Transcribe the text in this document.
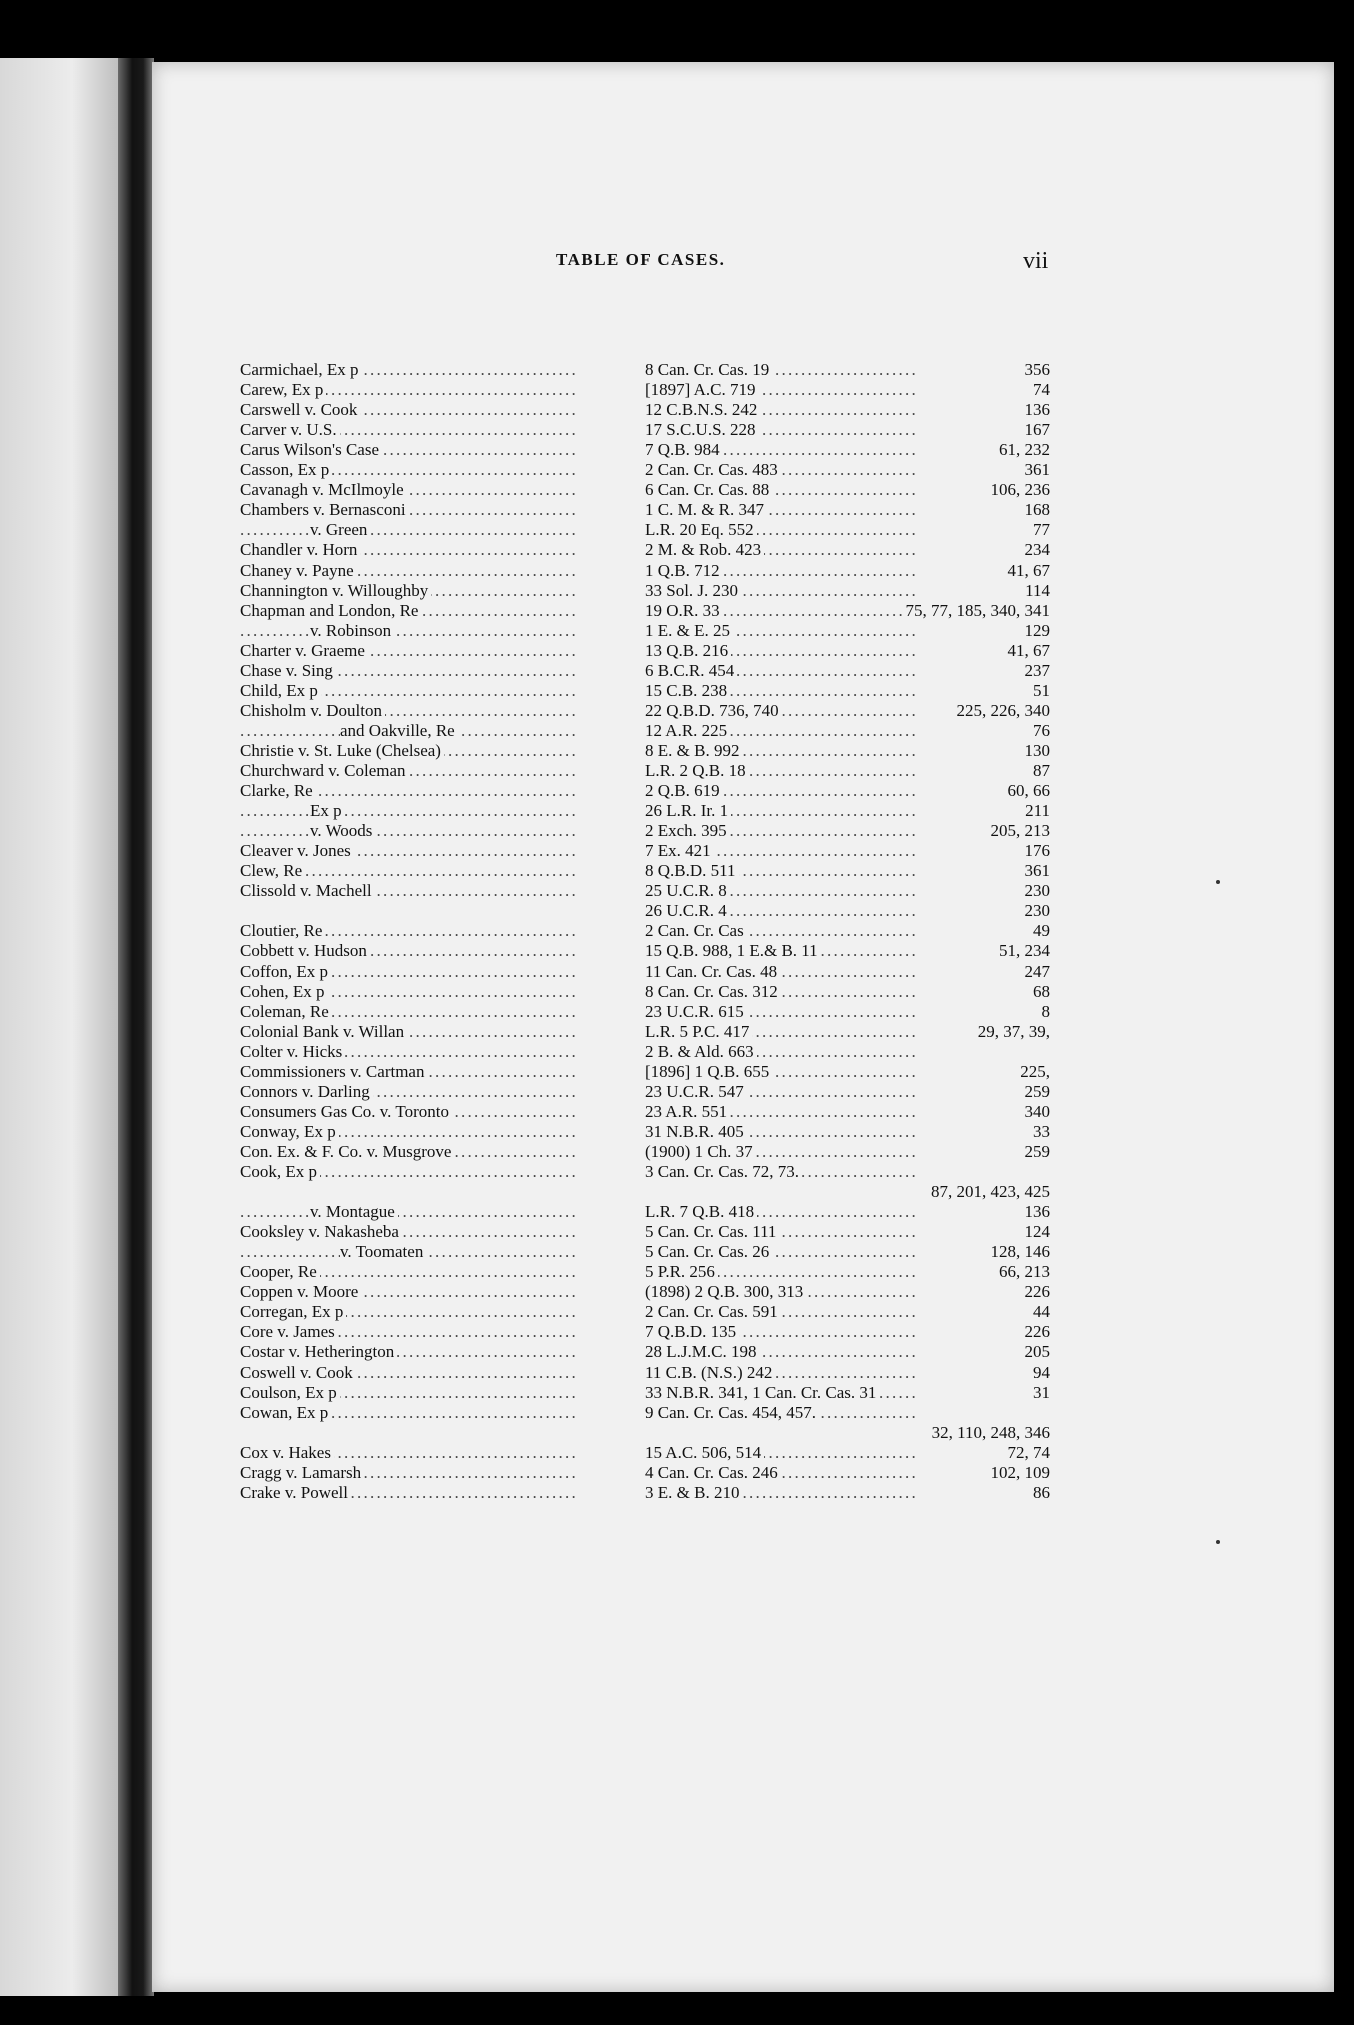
TABLE OF CASES.	vii
. . . Carmichael, Ex p	. . . 8 Can. Cr. Cas. 19	356
. . . Carew, Ex p	. . . [1897] A.C. 719	74
. . . Carswell v. Cook	. . . 12 C.B.N.S. 242	136
. . . Carver v. U.S.	. . . 17 S.C.U.S. 228	167
. . . Carus Wilson's Case	. . . 7 Q.B. 984	61, 232
. . . Casson, Ex p	. . . 2 Can. Cr. Cas. 483	361
. . . Cavanagh v. McIlmoyle	. . . 6 Can. Cr. Cas. 88	106, 236
. . . Chambers v. Bernasconi	. . . 1 C. M. & R. 347	168
. . . v. Green	. . . L.R. 20 Eq. 552	77
. . . Chandler v. Horn	. . . 2 M. & Rob. 423	234
. . . Chaney v. Payne	. . . 1 Q.B. 712	41, 67
. . . Channington v. Willoughby	. . . 33 Sol. J. 230	114
. . . Chapman and London, Re	. . . 19 O.R. 33	75, 77, 185, 340, 341
. . . v. Robinson	. . . 1 E. & E. 25	129
. . . Charter v. Graeme	. . . 13 Q.B. 216	41, 67
. . . Chase v. Sing	. . . 6 B.C.R. 454	237
. . . Child, Ex p	. . . 15 C.B. 238	51
. . . Chisholm v. Doulton	. . . 22 Q.B.D. 736, 740	225, 226, 340
. . . and Oakville, Re	. . . 12 A.R. 225	76
. . . Christie v. St. Luke (Chelsea)	. . . 8 E. & B. 992	130
. . . Churchward v. Coleman	. . . L.R. 2 Q.B. 18	87
. . . Clarke, Re	. . . 2 Q.B. 619	60, 66
. . . Ex p	. . . 26 L.R. Ir. 1	211
. . . v. Woods	. . . 2 Exch. 395	205, 213
. . . Cleaver v. Jones	. . . 7 Ex. 421	176
. . . Clew, Re	. . . 8 Q.B.D. 511	361
. . . Clissold v. Machell	. . . 25 U.C.R. 8	230
. . . 26 U.C.R. 4	230
. . . Cloutier, Re	. . . 2 Can. Cr. Cas	49
. . . Cobbett v. Hudson	. . . 15 Q.B. 988, 1 E.& B. 11	51, 234
. . . Coffon, Ex p	. . . 11 Can. Cr. Cas. 48	247
. . . Cohen, Ex p	. . . 8 Can. Cr. Cas. 312	68
. . . Coleman, Re	. . . 23 U.C.R. 615	8
. . . Colonial Bank v. Willan	. . . L.R. 5 P.C. 417	29, 37, 39,
. . . Colter v. Hicks	. . . 2 B. & Ald. 663
. . . Commissioners v. Cartman	. . . [1896] 1 Q.B. 655	225,
. . . Connors v. Darling	. . . 23 U.C.R. 547	259
. . . Consumers Gas Co. v. Toronto	. . . 23 A.R. 551	340
. . . Conway, Ex p	. . . 31 N.B.R. 405	33
. . . Con. Ex. & F. Co. v. Musgrove	. . . (1900) 1 Ch. 37	259
. . . Cook, Ex p	. . . 3 Can. Cr. Cas. 72, 73.
87, 201, 423, 425
. . . v. Montague	. . . L.R. 7 Q.B. 418	136
. . . Cooksley v. Nakasheba	. . . 5 Can. Cr. Cas. 111	124
. . . v. Toomaten	. . . 5 Can. Cr. Cas. 26	128, 146
. . . Cooper, Re	. . . 5 P.R. 256	66, 213
. . . Coppen v. Moore	. . . (1898) 2 Q.B. 300, 313	226
. . . Corregan, Ex p	. . . 2 Can. Cr. Cas. 591	44
. . . Core v. James	. . . 7 Q.B.D. 135	226
. . . Costar v. Hetherington	. . . 28 L.J.M.C. 198	205
. . . Coswell v. Cook	. . . 11 C.B. (N.S.) 242	94
. . . Coulson, Ex p	. . . 33 N.B.R. 341, 1 Can. Cr. Cas. 31	31
. . . Cowan, Ex p	. . . 9 Can. Cr. Cas. 454, 457.
32, 110, 248, 346
. . . Cox v. Hakes	. . . 15 A.C. 506, 514	72, 74
. . . Cragg v. Lamarsh	. . . 4 Can. Cr. Cas. 246	102, 109
. . . Crake v. Powell	. . . 3 E. & B. 210	86
